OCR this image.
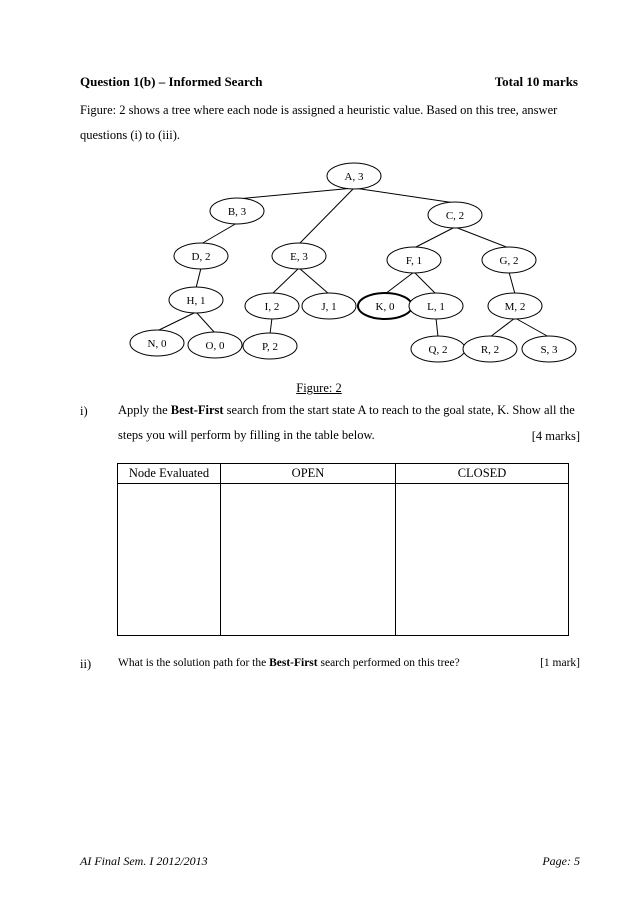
Question 1(b) – Informed Search	Total 10 marks
Figure: 2 shows a tree where each node is assigned a heuristic value. Based on this tree, answer questions (i) to (iii).
A, 3
B, 3	C, 2
D, 2	E, 3	F, 1	G, 2
H, 1	I, 2	J, 1	K, 0	L, 1	M, 2
N, 0	O, 0	P, 2	Q, 2	R, 2	S, 3
Figure: 2
i) Apply the Best-First search from the start state A to reach to the goal state, K. Show all the steps you will perform by filling in the table below.	[4 marks]
Node Evaluated	OPEN	CLOSED

ii) What is the solution path for the Best-First search performed on this tree?	[1 mark]
AI Final Sem. I 2012/2013	Page: 5
